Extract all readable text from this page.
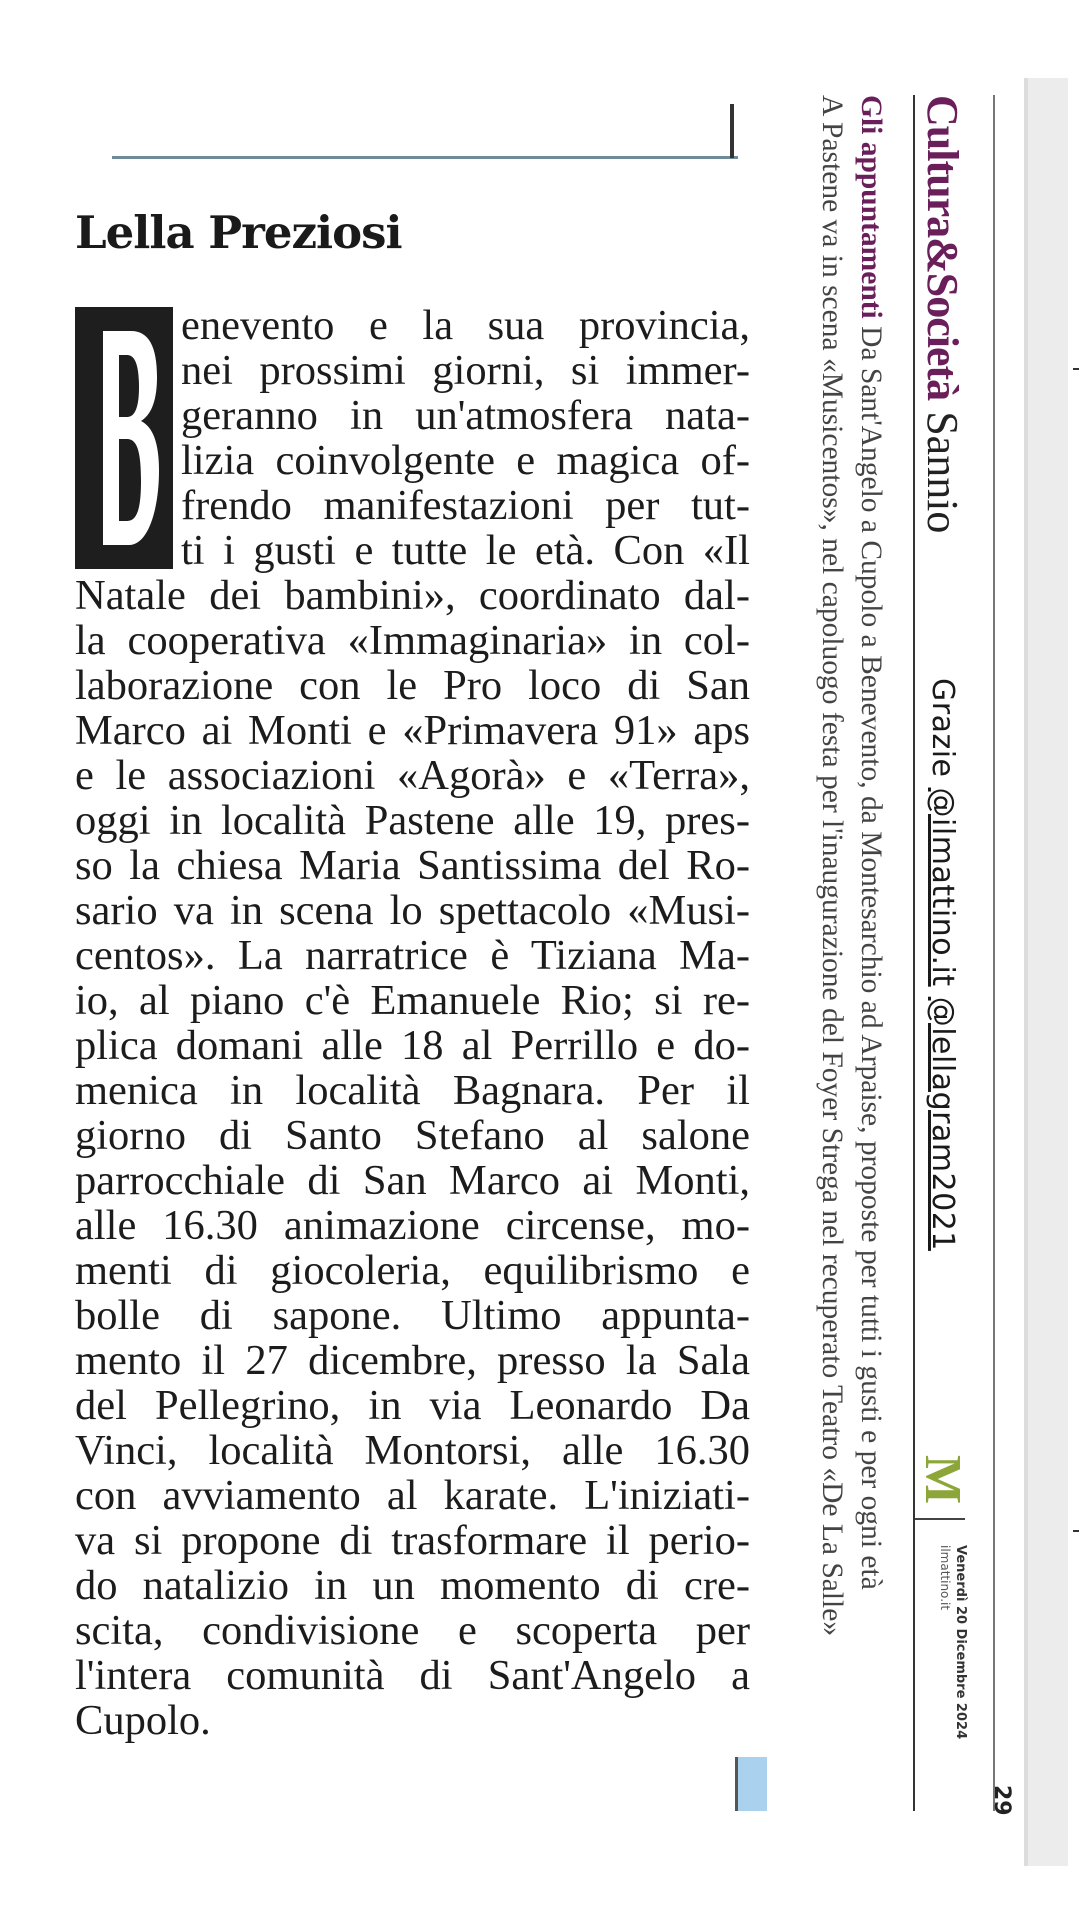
Cultura&Società Sannio
Grazie @ilmattino.it @lellagram2021
M
Venerdì 20 Dicembre 2024
ilmattino.it
29
Gli appuntamenti Da Sant'Angelo a Cupolo a Benevento, da Montesarchio ad Arpaise, proposte per tutti i gusti e per ogni età
A Pastene va in scena «Musicentos», nel capoluogo festa per l'inaugurazione del Foyer Strega nel recuperato Teatro «De La Salle»
Lella Preziosi
enevento e la sua provincia,
nei prossimi giorni, si immer-
geranno in un'atmosfera nata-
lizia coinvolgente e magica of-
frendo manifestazioni per tut-
ti i gusti e tutte le età. Con «Il
Natale dei bambini», coordinato dal-
la cooperativa «Immaginaria» in col-
laborazione con le Pro loco di San
Marco ai Monti e «Primavera 91» aps
e le associazioni «Agorà» e «Terra»,
oggi in località Pastene alle 19, pres-
so la chiesa Maria Santissima del Ro-
sario va in scena lo spettacolo «Musi-
centos». La narratrice è Tiziana Ma-
io, al piano c'è Emanuele Rio; si re-
plica domani alle 18 al Perrillo e do-
menica in località Bagnara. Per il
giorno di Santo Stefano al salone
parrocchiale di San Marco ai Monti,
alle 16.30 animazione circense, mo-
menti di giocoleria, equilibrismo e
bolle di sapone. Ultimo appunta-
mento il 27 dicembre, presso la Sala
del Pellegrino, in via Leonardo Da
Vinci, località Montorsi, alle 16.30
con avviamento al karate. L'iniziati-
va si propone di trasformare il perio-
do natalizio in un momento di cre-
scita, condivisione e scoperta per
l'intera comunità di Sant'Angelo a
Cupolo.
